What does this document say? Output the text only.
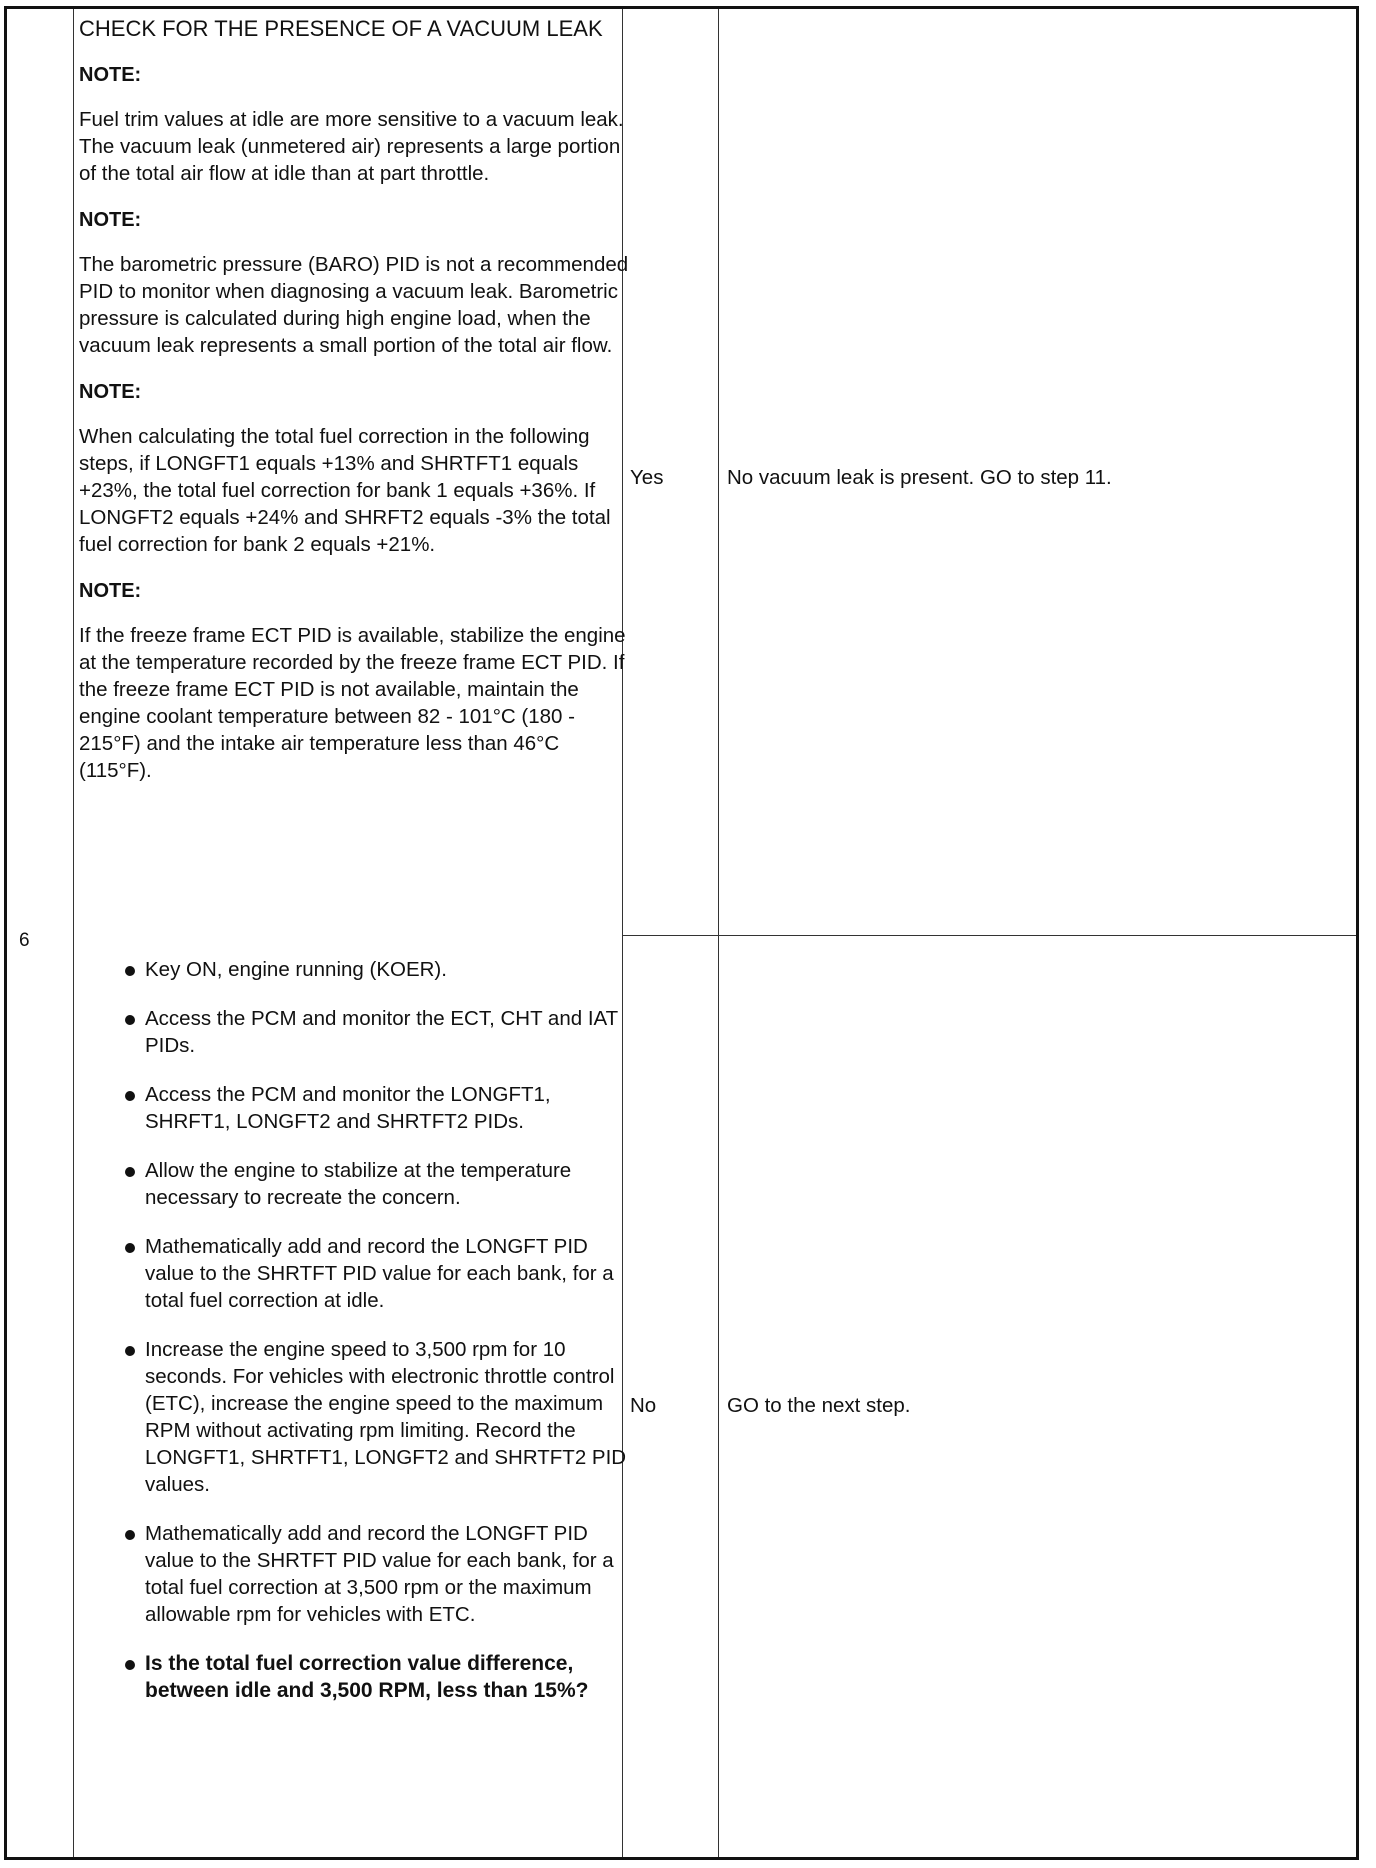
6

CHECK FOR THE PRESENCE OF A VACUUM LEAK

NOTE:

Fuel trim values at idle are more sensitive to a vacuum leak. The vacuum leak (unmetered air) represents a large portion of the total air flow at idle than at part throttle.

NOTE:

The barometric pressure (BARO) PID is not a recommended PID to monitor when diagnosing a vacuum leak. Barometric pressure is calculated during high engine load, when the vacuum leak represents a small portion of the total air flow.

NOTE:

When calculating the total fuel correction in the following steps, if LONGFT1 equals +13% and SHRTFT1 equals +23%, the total fuel correction for bank 1 equals +36%. If LONGFT2 equals +24% and SHRFT2 equals -3% the total fuel correction for bank 2 equals +21%.

NOTE:

If the freeze frame ECT PID is available, stabilize the engine at the temperature recorded by the freeze frame ECT PID. If the freeze frame ECT PID is not available, maintain the engine coolant temperature between 82 - 101°C (180 - 215°F) and the intake air temperature less than 46°C (115°F).

Key ON, engine running (KOER).
Access the PCM and monitor the ECT, CHT and IAT PIDs.
Access the PCM and monitor the LONGFT1, SHRFT1, LONGFT2 and SHRTFT2 PIDs.
Allow the engine to stabilize at the temperature necessary to recreate the concern.
Mathematically add and record the LONGFT PID value to the SHRTFT PID value for each bank, for a total fuel correction at idle.
Increase the engine speed to 3,500 rpm for 10 seconds. For vehicles with electronic throttle control (ETC), increase the engine speed to the maximum RPM without activating rpm limiting. Record the LONGFT1, SHRTFT1, LONGFT2 and SHRTFT2 PID values.
Mathematically add and record the LONGFT PID value to the SHRTFT PID value for each bank, for a total fuel correction at 3,500 rpm or the maximum allowable rpm for vehicles with ETC.
Is the total fuel correction value difference, between idle and 3,500 RPM, less than 15%?
Yes	No vacuum leak is present. GO to step 11.
No	GO to the next step.
